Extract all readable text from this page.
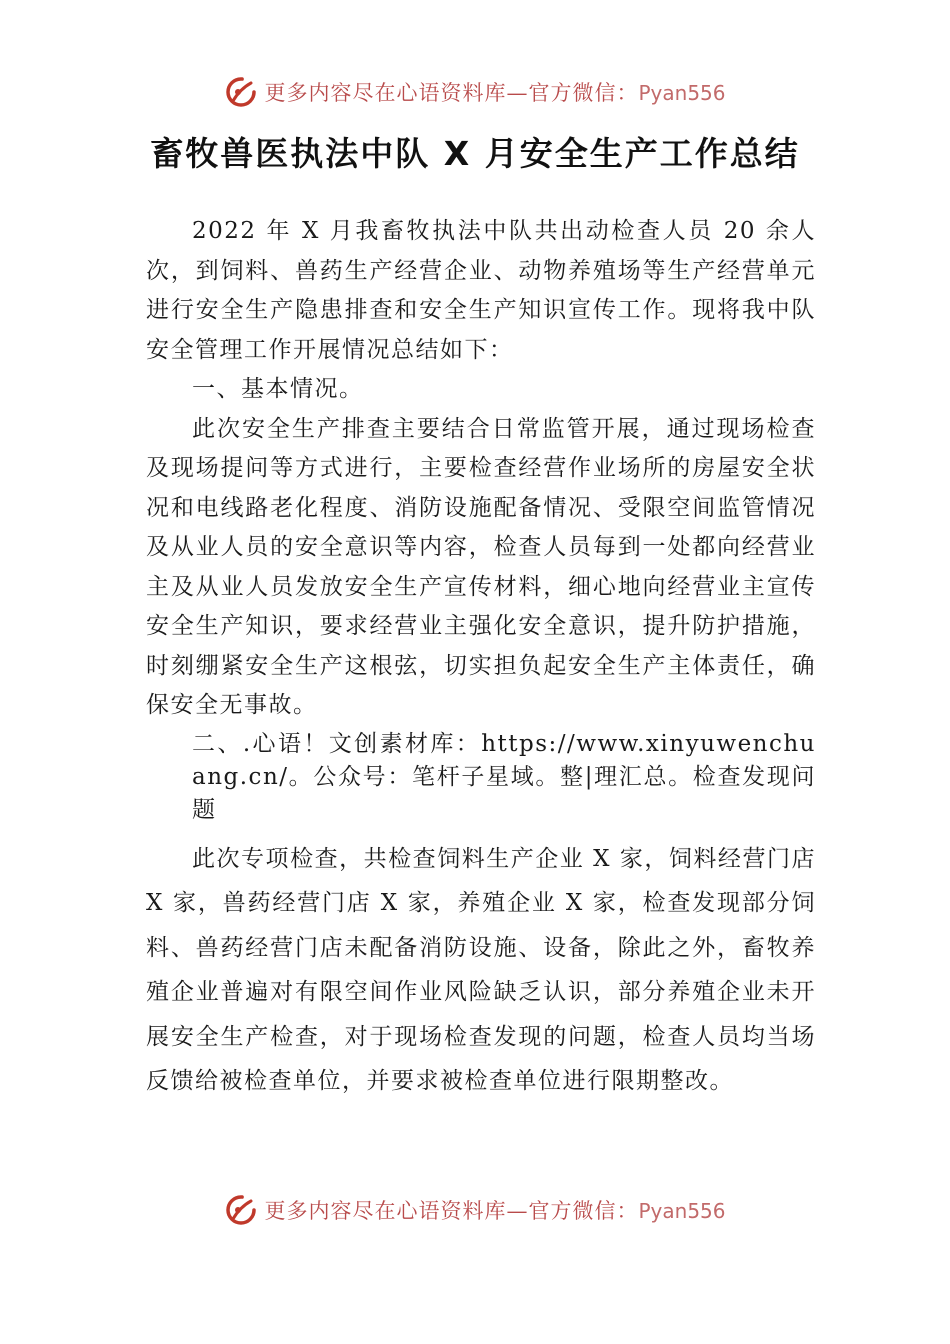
更多内容尽在心语资料库—官方微信：Pyan556
畜牧兽医执法中队 X 月安全生产工作总结

2022 年 X 月我畜牧执法中队共出动检查人员 20 余人次，到饲料、兽药生产经营企业、动物养殖场等生产经营单元进行安全生产隐患排查和安全生产知识宣传工作。现将我中队安全管理工作开展情况总结如下：

一、基本情况。

此次安全生产排查主要结合日常监管开展，通过现场检查及现场提问等方式进行，主要检查经营作业场所的房屋安全状况和电线路老化程度、消防设施配备情况、受限空间监管情况及从业人员的安全意识等内容，检查人员每到一处都向经营业主及从业人员发放安全生产宣传材料，细心地向经营业主宣传安全生产知识，要求经营业主强化安全意识，提升防护措施，时刻绷紧安全生产这根弦，切实担负起安全生产主体责任，确保安全无事故。

二、.心语！文创素材库：https://www.xinyuwenchuang.cn/。公众号：笔杆子星域。整|理汇总。检查发现问题

此次专项检查，共检查饲料生产企业 X 家，饲料经营门店 X 家，兽药经营门店 X 家，养殖企业 X 家，检查发现部分饲料、兽药经营门店未配备消防设施、设备，除此之外，畜牧养殖企业普遍对有限空间作业风险缺乏认识，部分养殖企业未开展安全生产检查，对于现场检查发现的问题，检查人员均当场反馈给被检查单位，并要求被检查单位进行限期整改。

更多内容尽在心语资料库—官方微信：Pyan556
